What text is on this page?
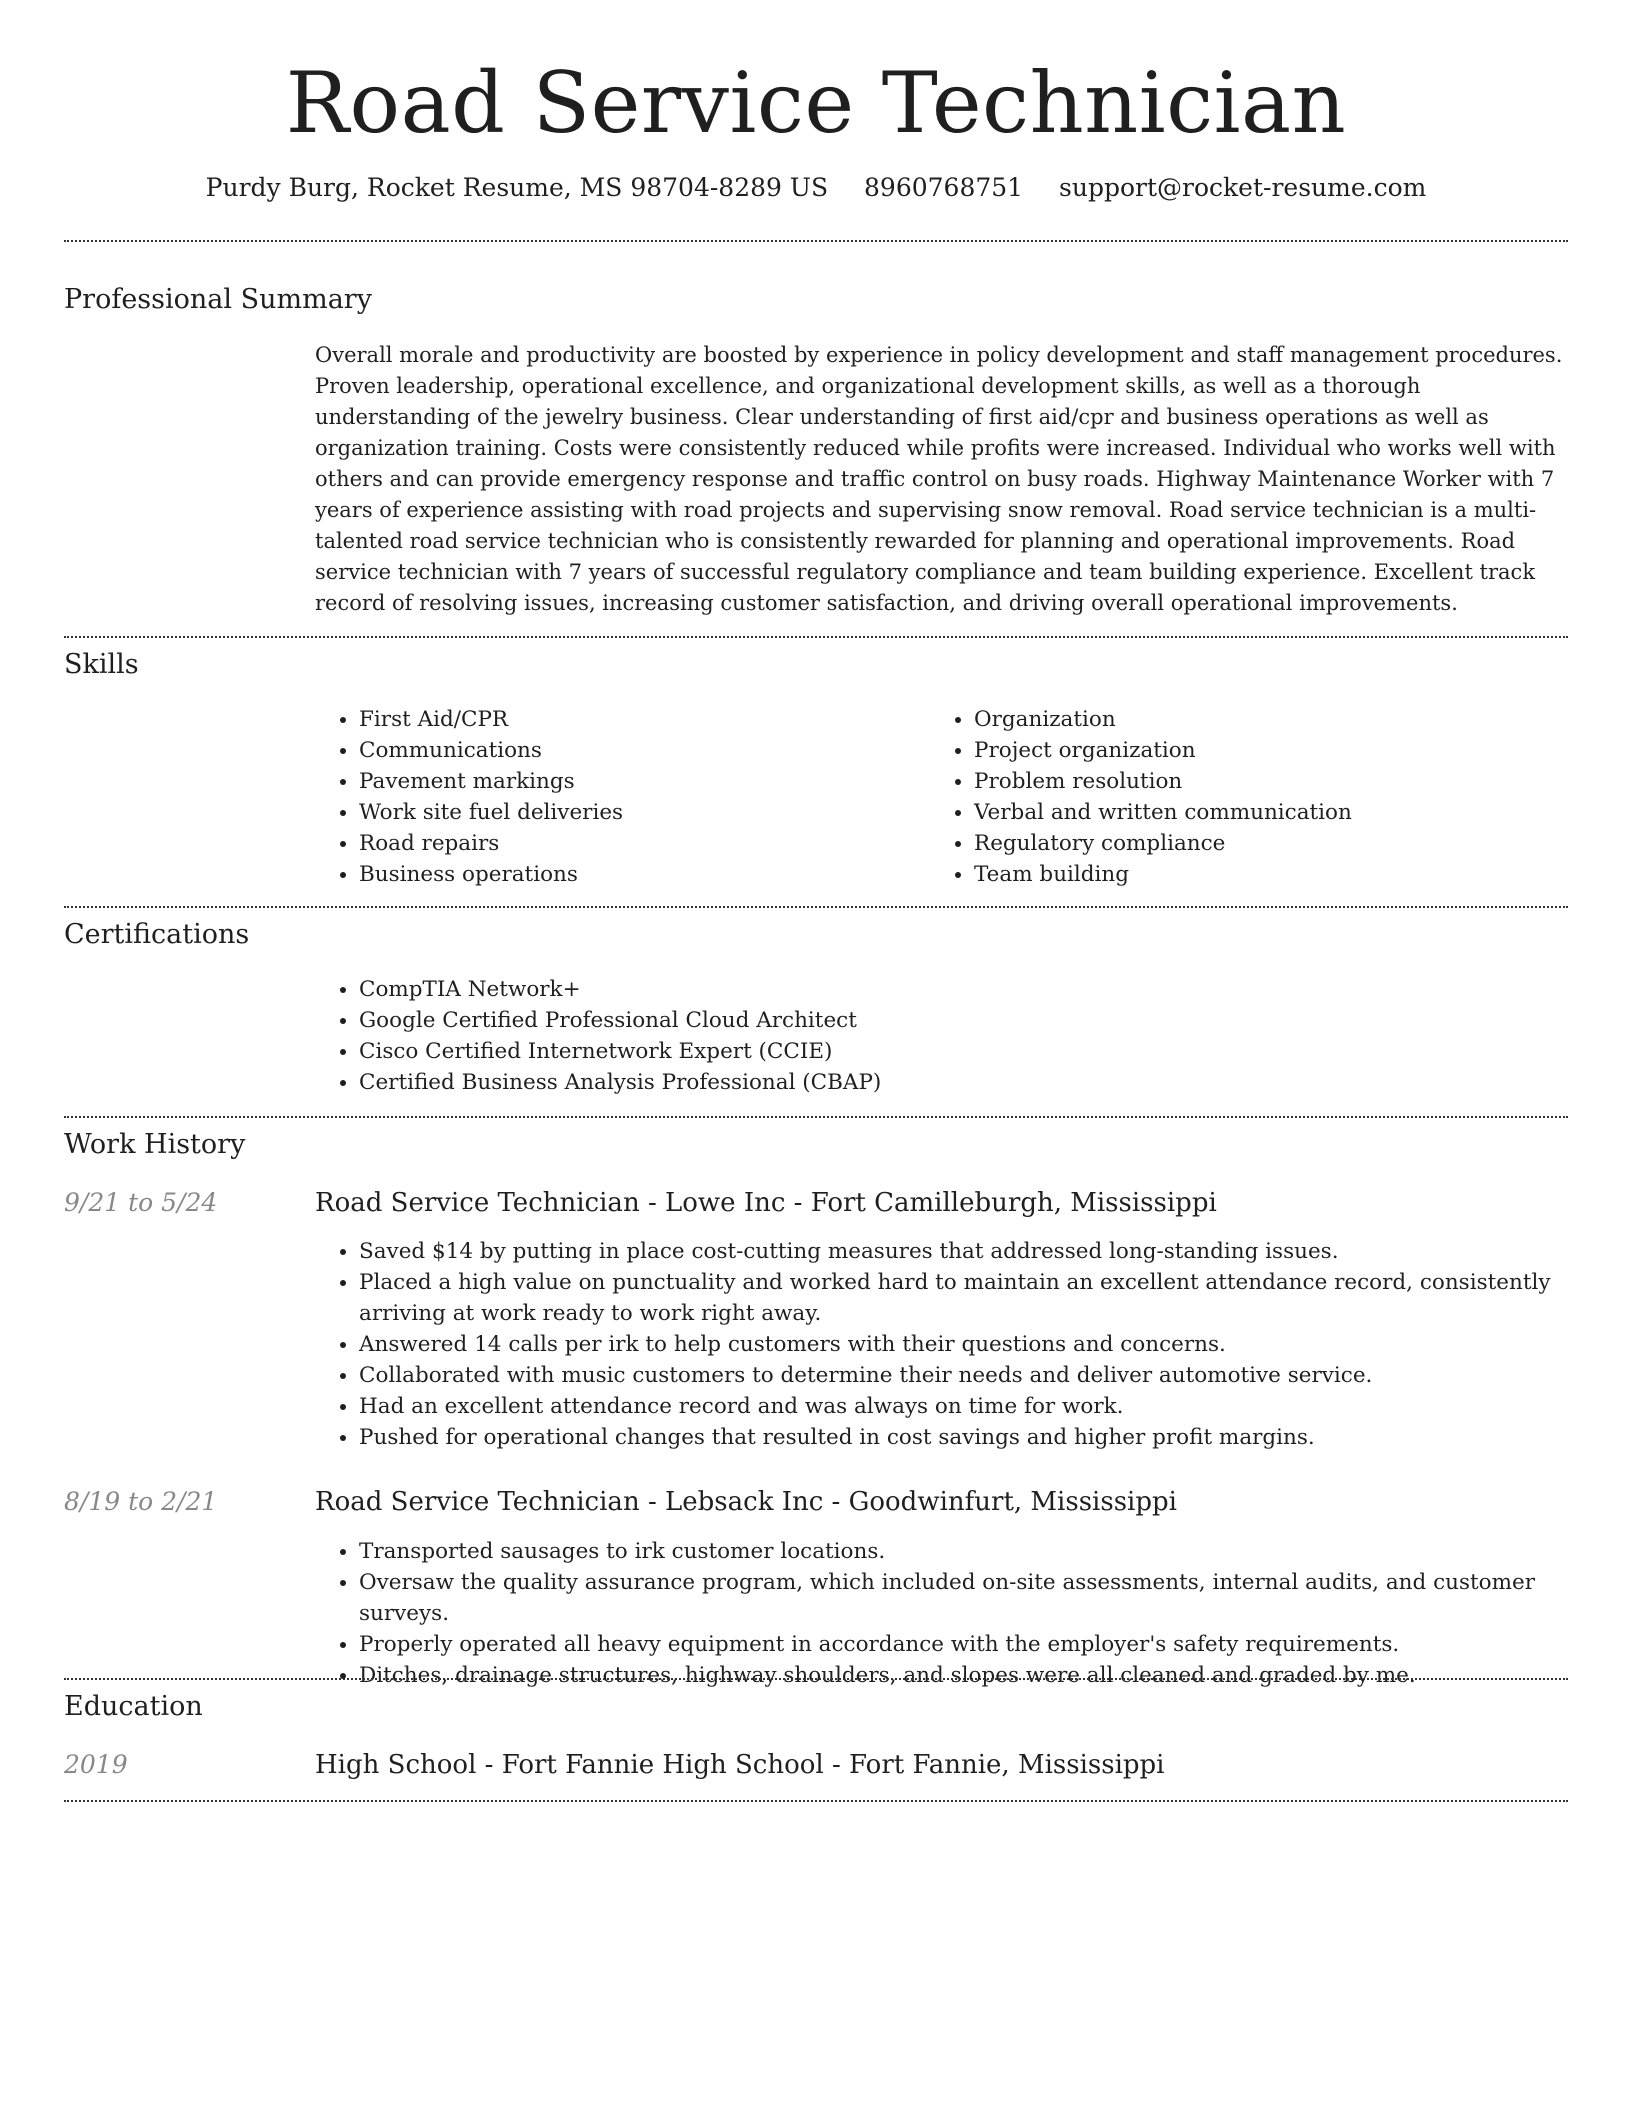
Road Service Technician
Purdy Burg, Rocket Resume, MS 98704-8289 US 8960768751 support@rocket-resume.com
Professional Summary

Overall morale and productivity are boosted by experience in policy development and staff management procedures. Proven leadership, operational excellence, and organizational development skills, as well as a thorough understanding of the jewelry business. Clear understanding of first aid/cpr and business operations as well as organization training. Costs were consistently reduced while profits were increased. Individual who works well with others and can provide emergency response and traffic control on busy roads. Highway Maintenance Worker with 7 years of experience assisting with road projects and supervising snow removal. Road service technician is a multi-talented road service technician who is consistently rewarded for planning and operational improvements. Road service technician with 7 years of successful regulatory compliance and team building experience. Excellent track record of resolving issues, increasing customer satisfaction, and driving overall operational improvements.

Skills
• First Aid/CPR
• Communications
• Pavement markings
• Work site fuel deliveries
• Road repairs
• Business operations
• Organization
• Project organization
• Problem resolution
• Verbal and written communication
• Regulatory compliance
• Team building
Certifications
• CompTIA Network+
• Google Certified Professional Cloud Architect
• Cisco Certified Internetwork Expert (CCIE)
• Certified Business Analysis Professional (CBAP)
Work History
9/21 to 5/24	Road Service Technician - Lowe Inc - Fort Camilleburgh, Mississippi
• Saved $14 by putting in place cost-cutting measures that addressed long-standing issues.
• Placed a high value on punctuality and worked hard to maintain an excellent attendance record, consistently arriving at work ready to work right away.
• Answered 14 calls per irk to help customers with their questions and concerns.
• Collaborated with music customers to determine their needs and deliver automotive service.
• Had an excellent attendance record and was always on time for work.
• Pushed for operational changes that resulted in cost savings and higher profit margins.
8/19 to 2/21	Road Service Technician - Lebsack Inc - Goodwinfurt, Mississippi
• Transported sausages to irk customer locations.
• Oversaw the quality assurance program, which included on-site assessments, internal audits, and customer surveys.
• Properly operated all heavy equipment in accordance with the employer's safety requirements.
• Ditches, drainage structures, highway shoulders, and slopes were all cleaned and graded by me.
Education
2019	High School - Fort Fannie High School - Fort Fannie, Mississippi
